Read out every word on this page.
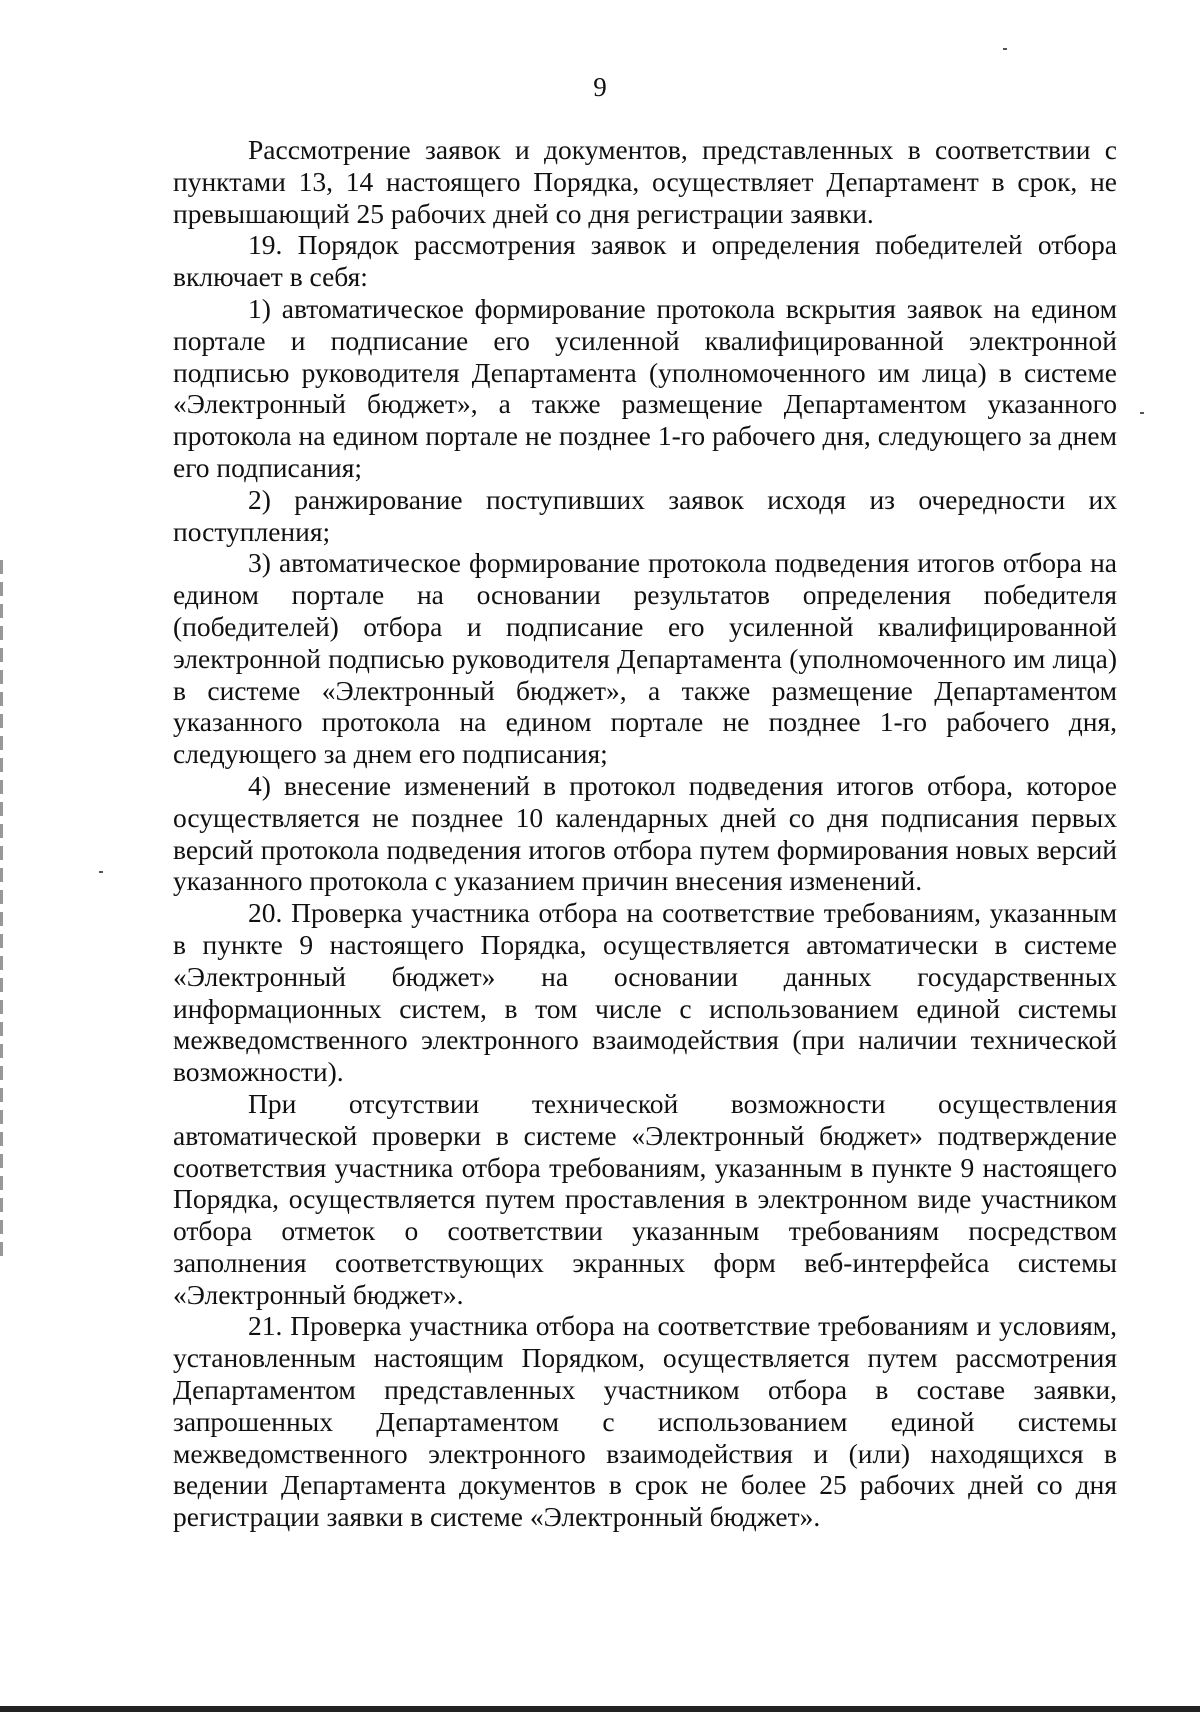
9

Рассмотрение заявок и документов, представленных в соответствии с пунктами 13, 14 настоящего Порядка, осуществляет Департамент в срок, не превышающий 25 рабочих дней со дня регистрации заявки.

19. Порядок рассмотрения заявок и определения победителей отбора включает в себя:

1) автоматическое формирование протокола вскрытия заявок на едином портале и подписание его усиленной квалифицированной электронной подписью руководителя Департамента (уполномоченного им лица) в системе «Электронный бюджет», а также размещение Департаментом указанного протокола на едином портале не позднее 1-го рабочего дня, следующего за днем его подписания;

2) ранжирование поступивших заявок исходя из очередности их поступления;

3) автоматическое формирование протокола подведения итогов отбора на едином портале на основании результатов определения победителя (победителей) отбора и подписание его усиленной квалифицированной электронной подписью руководителя Департамента (уполномоченного им лица) в системе «Электронный бюджет», а также размещение Департаментом указанного протокола на едином портале не позднее 1-го рабочего дня, следующего за днем его подписания;

4) внесение изменений в протокол подведения итогов отбора, которое осуществляется не позднее 10 календарных дней со дня подписания первых версий протокола подведения итогов отбора путем формирования новых версий указанного протокола с указанием причин внесения изменений.

20. Проверка участника отбора на соответствие требованиям, указанным в пункте 9 настоящего Порядка, осуществляется автоматически в системе «Электронный бюджет» на основании данных государственных информационных систем, в том числе с использованием единой системы межведомственного электронного взаимодействия (при наличии технической возможности).

При отсутствии технической возможности осуществления автоматической проверки в системе «Электронный бюджет» подтверждение соответствия участника отбора требованиям, указанным в пункте 9 настоящего Порядка, осуществляется путем проставления в электронном виде участником отбора отметок о соответствии указанным требованиям посредством заполнения соответствующих экранных форм веб-интерфейса системы «Электронный бюджет».

21. Проверка участника отбора на соответствие требованиям и условиям, установленным настоящим Порядком, осуществляется путем рассмотрения Департаментом представленных участником отбора в составе заявки, запрошенных Департаментом с использованием единой системы межведомственного электронного взаимодействия и (или) находящихся в ведении Департамента документов в срок не более 25 рабочих дней со дня регистрации заявки в системе «Электронный бюджет».
